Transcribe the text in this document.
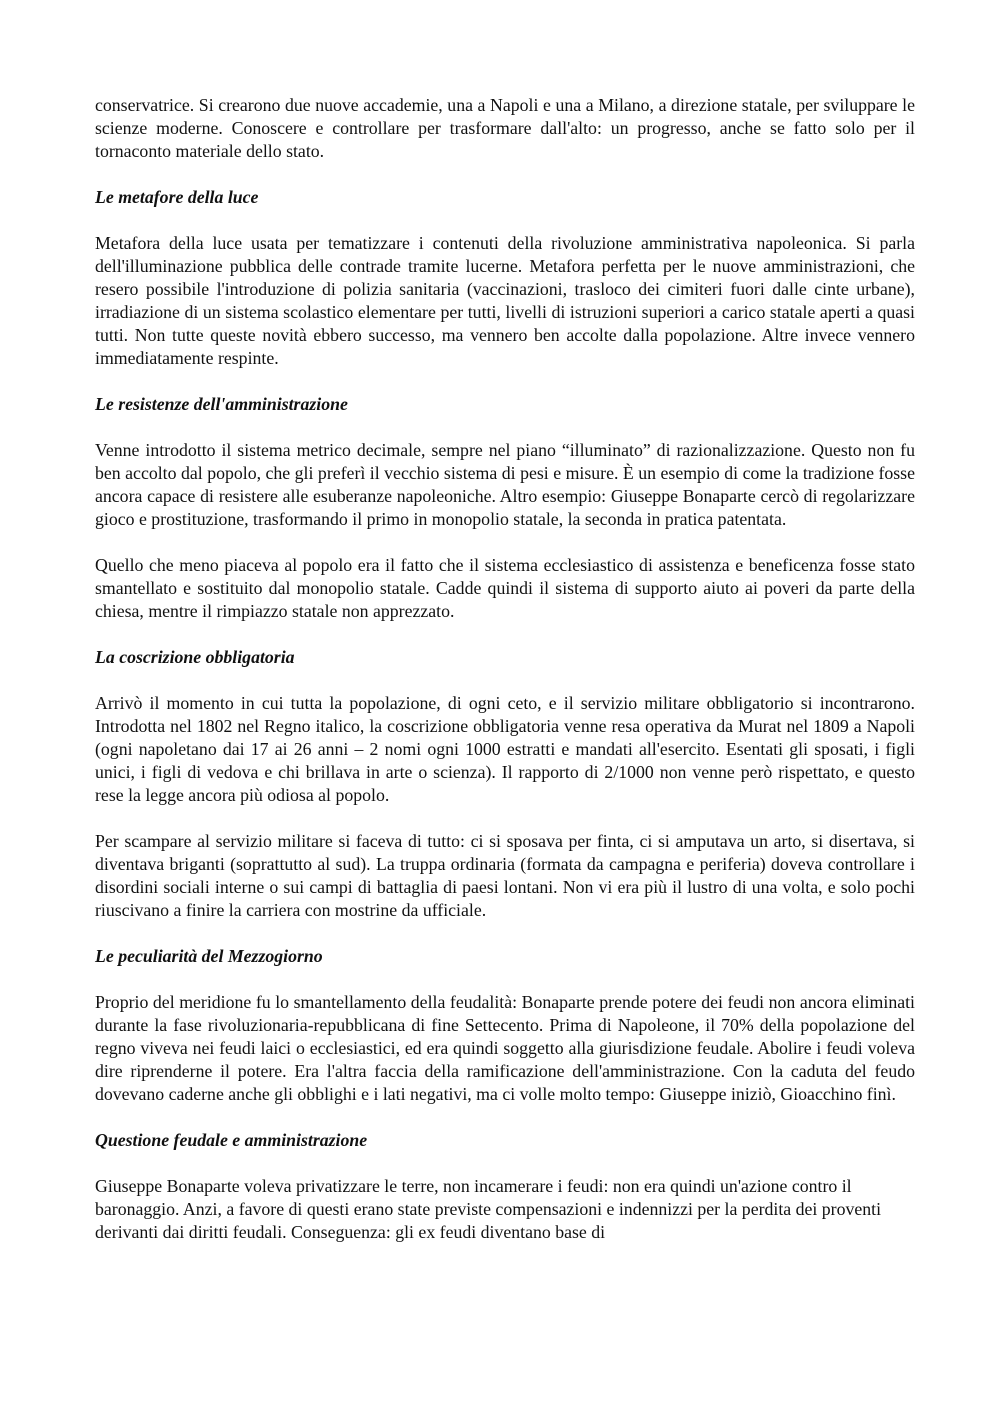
conservatrice. Si crearono due nuove accademie, una a Napoli e una a Milano, a direzione statale, per sviluppare le scienze moderne. Conoscere e controllare per trasformare dall'alto: un progresso, anche se fatto solo per il tornaconto materiale dello stato.

Le metafore della luce

Metafora della luce usata per tematizzare i contenuti della rivoluzione amministrativa napoleonica. Si parla dell'illuminazione pubblica delle contrade tramite lucerne. Metafora perfetta per le nuove amministrazioni, che resero possibile l'introduzione di polizia sanitaria (vaccinazioni, trasloco dei cimiteri fuori dalle cinte urbane), irradiazione di un sistema scolastico elementare per tutti, livelli di istruzioni superiori a carico statale aperti a quasi tutti. Non tutte queste novità ebbero successo, ma vennero ben accolte dalla popolazione. Altre invece vennero immediatamente respinte.

Le resistenze dell'amministrazione

Venne introdotto il sistema metrico decimale, sempre nel piano “illuminato” di razionalizzazione. Questo non fu ben accolto dal popolo, che gli preferì il vecchio sistema di pesi e misure. È un esempio di come la tradizione fosse ancora capace di resistere alle esuberanze napoleoniche. Altro esempio: Giuseppe Bonaparte cercò di regolarizzare gioco e prostituzione, trasformando il primo in monopolio statale, la seconda in pratica patentata.

Quello che meno piaceva al popolo era il fatto che il sistema ecclesiastico di assistenza e beneficenza fosse stato smantellato e sostituito dal monopolio statale. Cadde quindi il sistema di supporto aiuto ai poveri da parte della chiesa, mentre il rimpiazzo statale non apprezzato.

La coscrizione obbligatoria

Arrivò il momento in cui tutta la popolazione, di ogni ceto, e il servizio militare obbligatorio si incontrarono. Introdotta nel 1802 nel Regno italico, la coscrizione obbligatoria venne resa operativa da Murat nel 1809 a Napoli (ogni napoletano dai 17 ai 26 anni – 2 nomi ogni 1000 estratti e mandati all'esercito. Esentati gli sposati, i figli unici, i figli di vedova e chi brillava in arte o scienza). Il rapporto di 2/1000 non venne però rispettato, e questo rese la legge ancora più odiosa al popolo.

Per scampare al servizio militare si faceva di tutto: ci si sposava per finta, ci si amputava un arto, si disertava, si diventava briganti (soprattutto al sud). La truppa ordinaria (formata da campagna e periferia) doveva controllare i disordini sociali interne o sui campi di battaglia di paesi lontani. Non vi era più il lustro di una volta, e solo pochi riuscivano a finire la carriera con mostrine da ufficiale.

Le peculiarità del Mezzogiorno

Proprio del meridione fu lo smantellamento della feudalità: Bonaparte prende potere dei feudi non ancora eliminati durante la fase rivoluzionaria-repubblicana di fine Settecento. Prima di Napoleone, il 70% della popolazione del regno viveva nei feudi laici o ecclesiastici, ed era quindi soggetto alla giurisdizione feudale. Abolire i feudi voleva dire riprenderne il potere. Era l'altra faccia della ramificazione dell'amministrazione. Con la caduta del feudo dovevano caderne anche gli obblighi e i lati negativi, ma ci volle molto tempo: Giuseppe iniziò, Gioacchino finì.

Questione feudale e amministrazione

Giuseppe Bonaparte voleva privatizzare le terre, non incamerare i feudi: non era quindi un'azione contro il baronaggio. Anzi, a favore di questi erano state previste compensazioni e indennizzi per la perdita dei proventi derivanti dai diritti feudali. Conseguenza: gli ex feudi diventano base di
